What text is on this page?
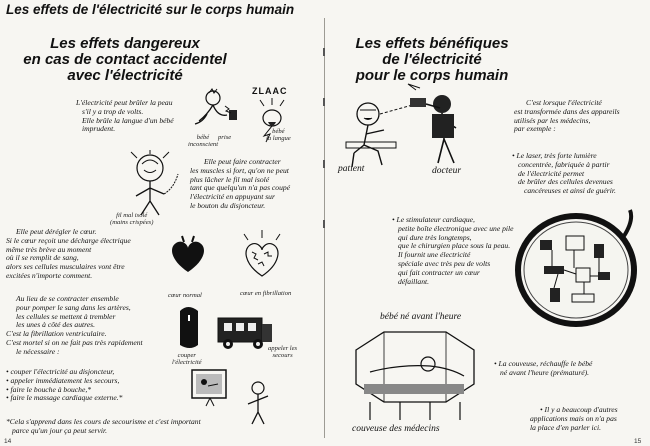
Les effets de l'électricité sur le corps humain
Les effets dangereux
en cas de contact accidentel
avec l'électricité
L'électricité peut brûler la peau
s'il y a trop de volts.
Elle brûle la langue d'un bébé
imprudent.
bébé
inconscient
prise
ZLAAC
bébé
la langue
fil mal isolé
(mains crispées)
Elle peut faire contracter
les muscles si fort, qu'on ne peut
plus lâcher le fil mal isolé
tant que quelqu'un n'a pas coupé
l'électricité en appuyant sur
le bouton du disjoncteur.
Elle peut dérégler le cœur.
Si le cœur reçoit une décharge électrique
même très brève au moment
où il se remplit de sang,
alors ses cellules musculaires vont être
excitées n'importe comment.
cœur normal	cœur en fibrillation
Au lieu de se contracter ensemble
pour pomper le sang dans les artères,
les cellules se mettent à trembler
les unes à côté des autres.
C'est la fibrillation ventriculaire.
C'est mortel si on ne fait pas très rapidement
le nécessaire :
• couper l'électricité au disjoncteur,
• appeler immédiatement les secours,
• faire le bouche à bouche,*
• faire le massage cardiaque externe.*
couper
l'électricité
appeler les
secours
*Cela s'apprend dans les cours de secourisme et c'est important
parce qu'un jour ça peut servir.
14
Les effets bénéfiques
de l'électricité
pour le corps humain
patient	docteur
C'est lorsque l'électricité
est transformée dans des appareils
utilisés par les médecins,
par exemple :
• Le laser, très forte lumière
concentrée, fabriquée à partir
de l'électricité permet
de brûler des cellules devenues
cancéreuses et ainsi de guérir.
• Le stimulateur cardiaque,
petite boîte électronique avec une pile
qui dure très longtemps,
que le chirurgien place sous la peau.
Il fournit une électricité
spéciale avec très peu de volts
qui fait contracter un cœur
défaillant.
bébé né avant l'heure
couveuse des médecins
• La couveuse, réchauffe le bébé
né avant l'heure (prématuré).
• Il y a beaucoup d'autres
applications mais on n'a pas
la place d'en parler ici.
15
